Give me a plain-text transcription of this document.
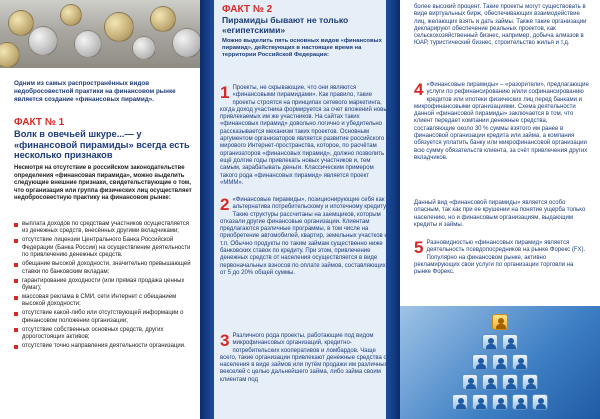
Одним из самых распространённых видов недобросовестной практики на финансовом рынке является создание «финансовых пирамид».
ФАКТ № 1
Волк в овечьей шкуре...— у «финансовой пирамиды» всегда есть несколько признаков
Несмотря на отсутствие в российском законодательстве определения «финансовая пирамида», можно выделить следующие внешние признаки, свидетельствующие о том, что организация или группа физических лиц осуществляет недобросовестную практику на финансовом рынке:
выплата доходов по средствам участников осуществляется из денежных средств, внесённых другими вкладчиками;
отсутствие лицензии Центрального Банка Российской Федерации (Банка России) на осуществление деятельности по привлечению денежных средств.
обещание высокой доходности, значительно превышающей ставки по банковским вкладам;
гарантирование доходности (или прямая продажа ценных бумаг);
массовая реклама в СМИ, сети Интернет с обещанием высокой доходности;
отсутствие какой-либо или отсутствующей информации о финансовом положении организации;
отсутствие собственных основных средств, других дорогостоящих активов;
отсутствие точно направления деятельности организации.
ФАКТ № 2
Пирамиды бывают не только «египетскими»
Можно выделить пять основных видов «финансовых пирамид», действующих в настоящее время на территории Российской Федерации:
1 Проекты, не скрывающие, что они являются «финансовыми пирамидами». Как правило, такие проекты строятся на принципах сетевого маркетинга, когда доход участника формируется за счет вложений новых привлекаемых им же участников. На сайтах таких «финансовых пирамид» довольно логично и убедительно рассказывается механизм таких проектов. Основным аргументом организаторов является развитие российского и мирового Интернет-пространства, которое, по расчётам организаторов «финансовых пирамид», должно позволить ещё долгие годы привлекать новых участников и, тем самым, зарабатывать деньги. Классическим примером такого рода «финансовых пирамид» является проект «МММ».
2 «Финансовые пирамиды», позиционирующие себя как альтернатива потребительскому и ипотечному кредиту. Такие структуры рассчитаны на заемщиков, которым отказали другие финансовые организации. Клиентам предлагаются различные программы, в том числе на приобретение автомобилей, квартир, земельных участков и т.п. Обычно продукты по таким займам существенно ниже банковских ставок по кредиту. При этом, привлечение денежных средств от населения осуществляется в виде первоначальных взносов по оплате займов, составляющих от 5 до 20% общей суммы.
3 Различного рода проекты, работающие под видом микрофинансовых организаций, кредитно-потребительских кооперативов и ломбардов. Чаще всего, такие организации привлекают денежные средства от населения в виде займов или путём продажи им различных векселей с целью дальнейшего займа, либо займа своим клиентам под
более высокий процент. Такие проекты могут существовать в виде виртуальных бирж, обеспечивающих взаимодействие лиц, желающих взять и дать займы. Также такие организации декларируют обеспечение реальных проектов, как сельскохозяйственный бизнес, например, добыча алмазов в ЮАР, туристический бизнес, строительство жилья и т.д.
4 «Финансовые пирамиды» – «разорители», предлагающие услуги по рефинансированию и/или софинансированию кредитов или ипотеки физических лиц перед банками и микрофинансовыми организациями. Схема деятельности данной «финансовой пирамиды» заключается в том, что клиент передает компании денежные средства, составляющие около 30 % суммы взятого им ранее в финансовой организации кредита или займа, а компания обязуется уплатить банку или микрофинансовой организации всю сумму обязательств клиента, за счёт привлечения других вкладчиков.
Данный вид «финансовой пирамиды» является особо опасным, так как при ее крушении на понятие ущерба только населению, но и финансовым организациям, выдающим кредиты и займы.
5 Разновидностью «финансовых пирамид» является деятельность псевдопосредников на рынке Форекс (FX). Популярно на финансовом рынке, активно рекламирующих свои услуги по организации торговли на рынке Форекс.
